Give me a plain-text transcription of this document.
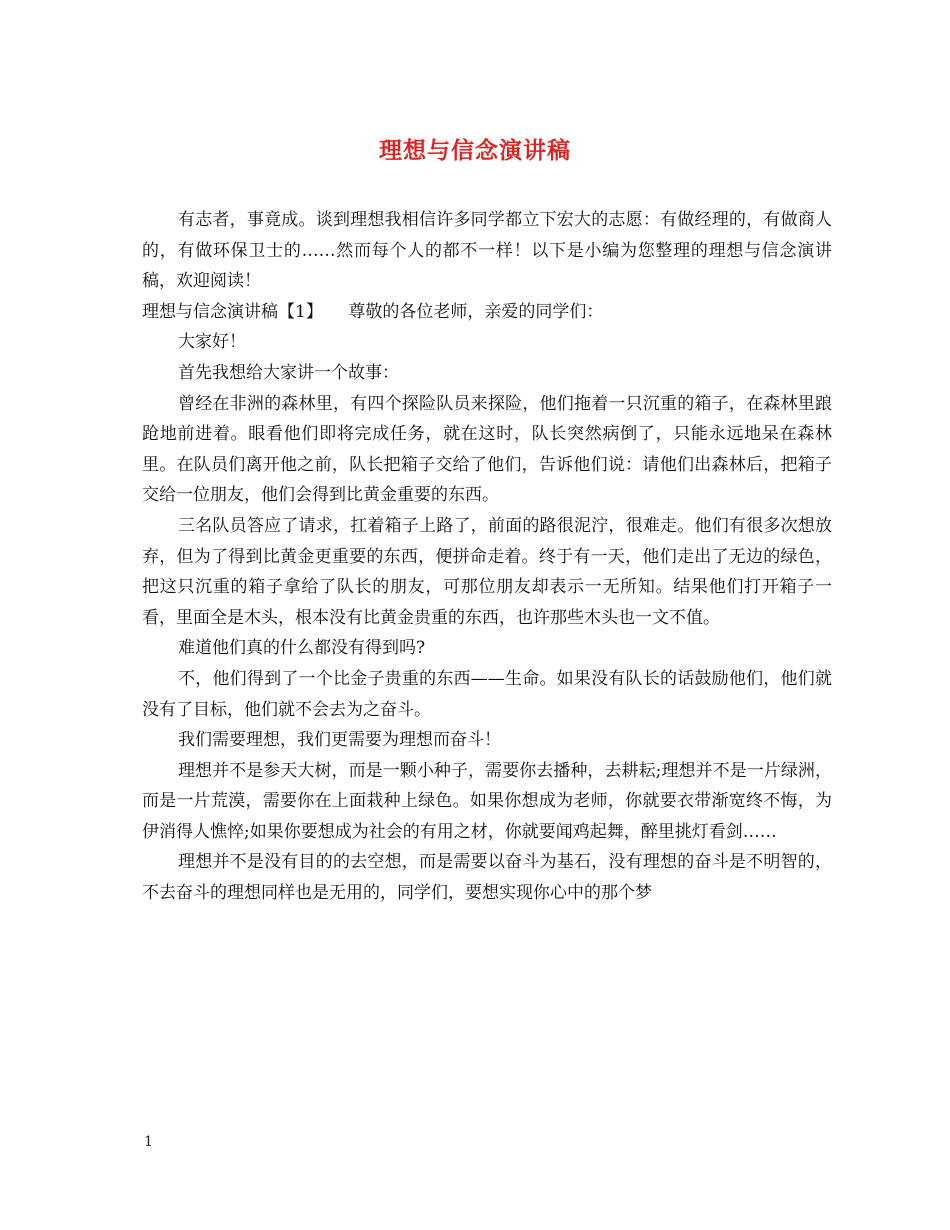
理想与信念演讲稿

有志者，事竟成。谈到理想我相信许多同学都立下宏大的志愿：有做经理的，有做商人的，有做环保卫士的……然而每个人的都不一样！以下是小编为您整理的理想与信念演讲稿，欢迎阅读！

理想与信念演讲稿【1】　　尊敬的各位老师，亲爱的同学们：

大家好！

首先我想给大家讲一个故事：

曾经在非洲的森林里，有四个探险队员来探险，他们拖着一只沉重的箱子，在森林里踉跄地前进着。眼看他们即将完成任务，就在这时，队长突然病倒了，只能永远地呆在森林里。在队员们离开他之前，队长把箱子交给了他们，告诉他们说：请他们出森林后，把箱子交给一位朋友，他们会得到比黄金重要的东西。

三名队员答应了请求，扛着箱子上路了，前面的路很泥泞，很难走。他们有很多次想放弃，但为了得到比黄金更重要的东西，便拼命走着。终于有一天，他们走出了无边的绿色，把这只沉重的箱子拿给了队长的朋友，可那位朋友却表示一无所知。结果他们打开箱子一看，里面全是木头，根本没有比黄金贵重的东西，也许那些木头也一文不值。

难道他们真的什么都没有得到吗?

不，他们得到了一个比金子贵重的东西——生命。如果没有队长的话鼓励他们，他们就没有了目标，他们就不会去为之奋斗。

我们需要理想，我们更需要为理想而奋斗！

理想并不是参天大树，而是一颗小种子，需要你去播种，去耕耘;理想并不是一片绿洲，而是一片荒漠，需要你在上面栽种上绿色。如果你想成为老师，你就要衣带渐宽终不悔，为伊消得人憔悴;如果你要想成为社会的有用之材，你就要闻鸡起舞，醉里挑灯看剑……

理想并不是没有目的的去空想，而是需要以奋斗为基石，没有理想的奋斗是不明智的，不去奋斗的理想同样也是无用的，同学们，要想实现你心中的那个梦

1
